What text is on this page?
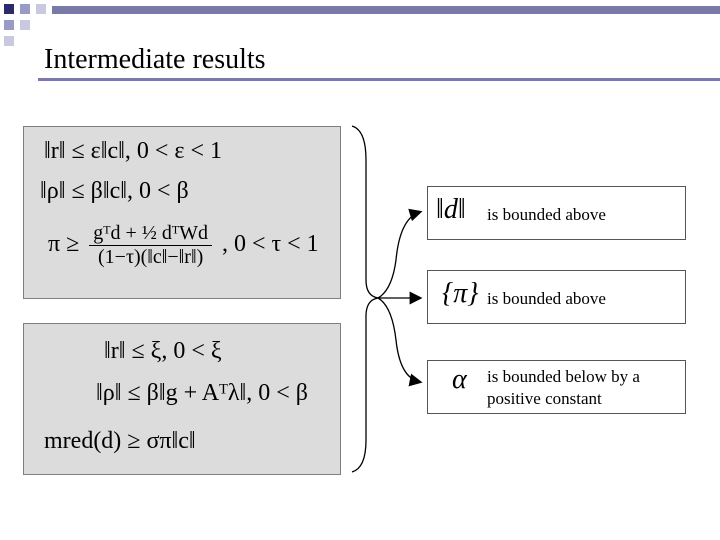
Intermediate results
‖r‖ ≤ ε‖c‖, 0 < ε < 1
‖ρ‖ ≤ β‖c‖, 0 < β
$\pi \ge \frac{\text{gᵀd + ½ dᵀWd}}{(1-\tau)(‖c‖-‖r‖)}$ , 0 < τ < 1
‖r‖ ≤ ξ, 0 < ξ
‖ρ‖ ≤ β‖g + Aᵀλ‖, 0 < β
mred(d) ≥ σπ‖c‖
‖d‖ is bounded above
{π} is bounded above
α is bounded below by a
positive constant
